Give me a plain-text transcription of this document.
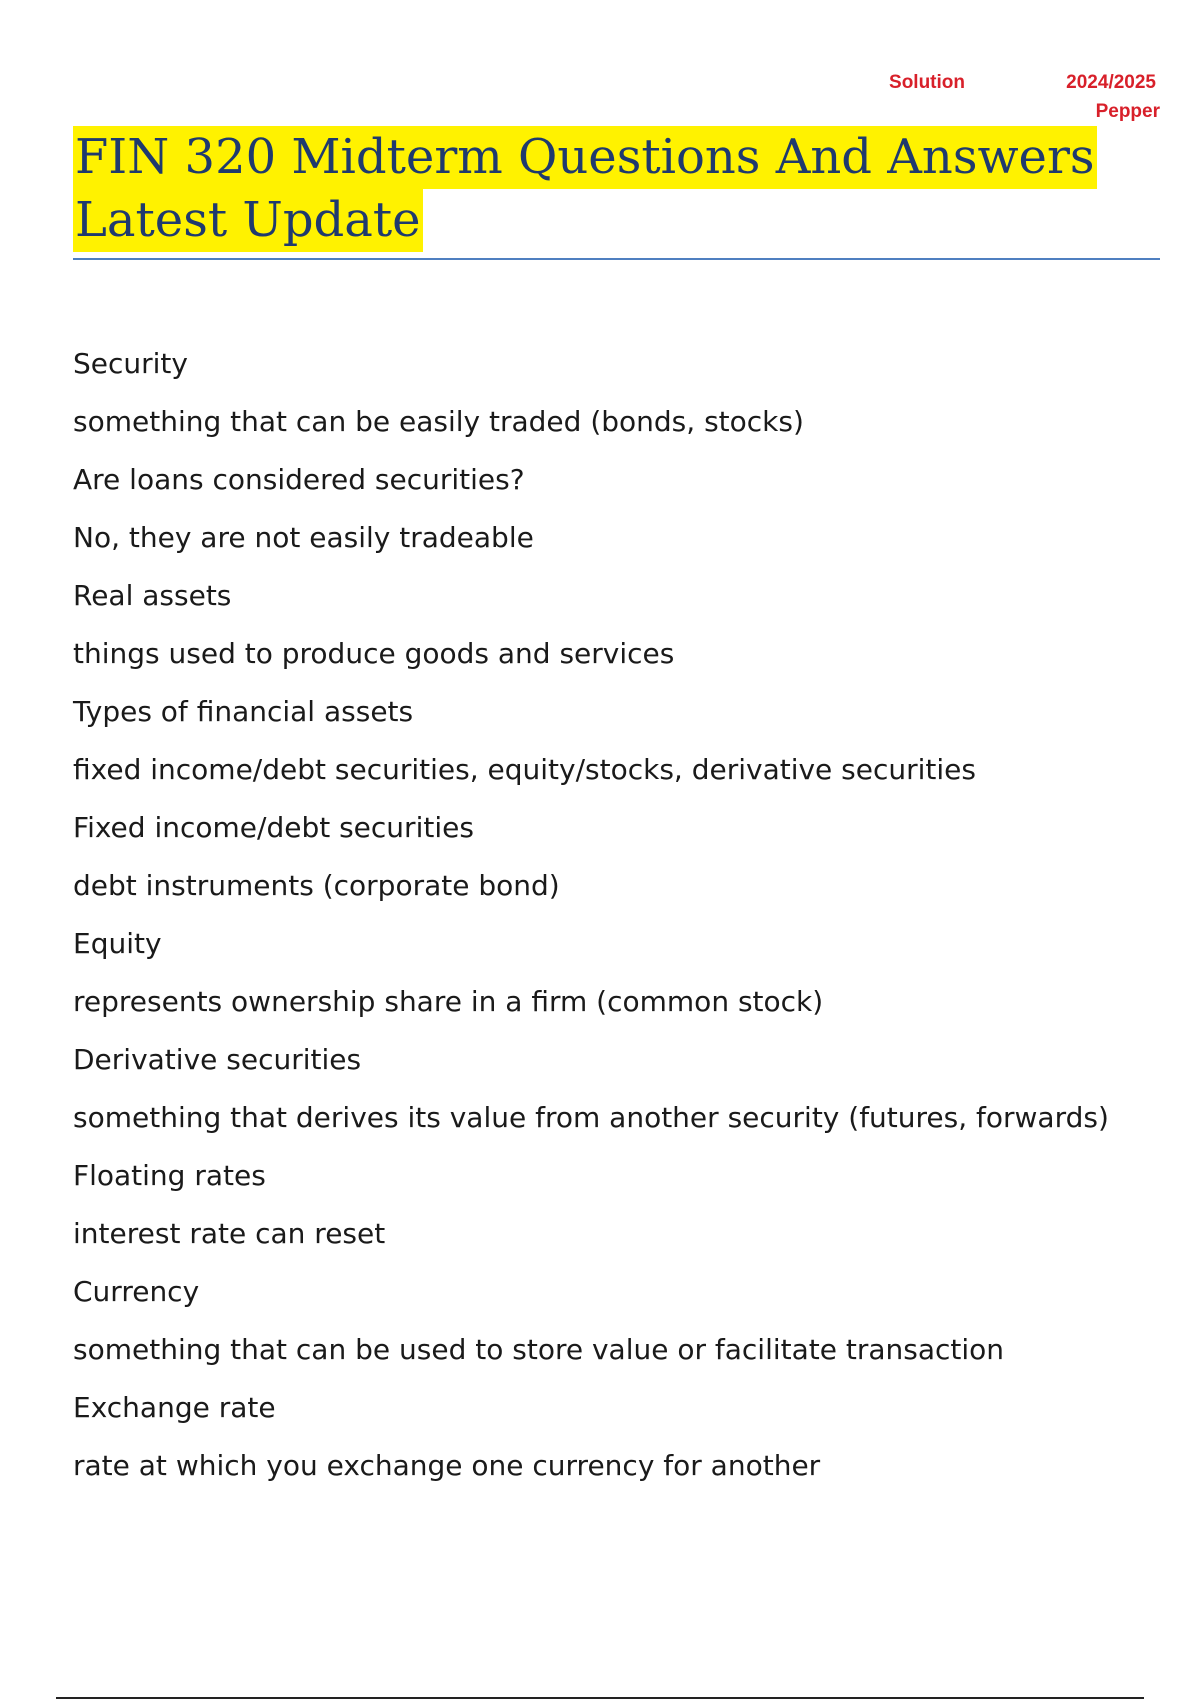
Solution	2024/2025
Pepper
FIN 320 Midterm Questions And Answers
Latest Update
Security
something that can be easily traded (bonds, stocks)
Are loans considered securities?
No, they are not easily tradeable
Real assets
things used to produce goods and services
Types of financial assets
fixed income/debt securities, equity/stocks, derivative securities
Fixed income/debt securities
debt instruments (corporate bond)
Equity
represents ownership share in a firm (common stock)
Derivative securities
something that derives its value from another security (futures, forwards)
Floating rates
interest rate can reset
Currency
something that can be used to store value or facilitate transaction
Exchange rate
rate at which you exchange one currency for another
